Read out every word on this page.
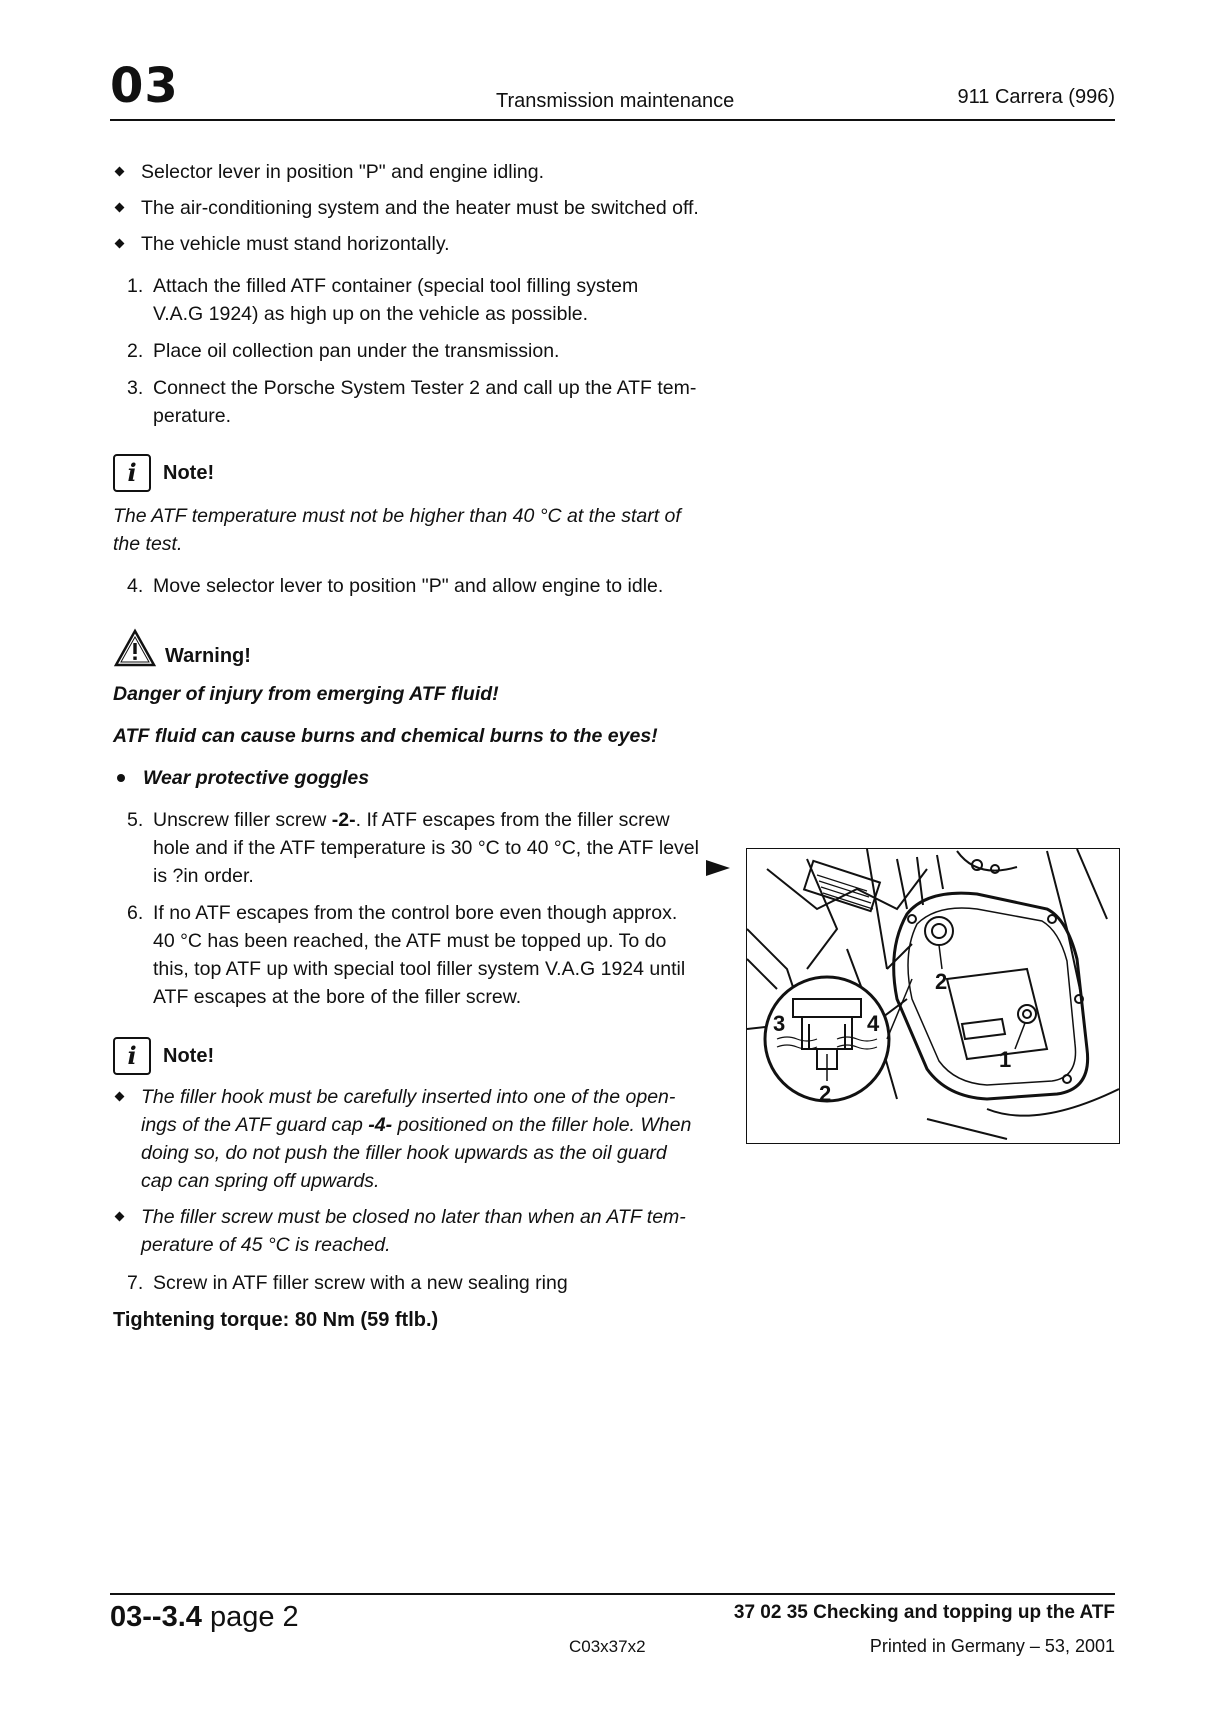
03	Transmission maintenance	911 Carrera (996)
Selector lever in position "P" and engine idling.
The air-conditioning system and the heater must be switched off.
The vehicle must stand horizontally.
1. Attach the filled ATF container (special tool filling system
V.A.G 1924) as high up on the vehicle as possible.
2. Place oil collection pan under the transmission.
3. Connect the Porsche System Tester 2 and call up the ATF tem-
perature.
i	Note!
The ATF temperature must not be higher than 40 °C at the start of
the test.
4. Move selector lever to position "P" and allow engine to idle.
Warning!
Danger of injury from emerging ATF fluid!
ATF fluid can cause burns and chemical burns to the eyes!
Wear protective goggles
5. Unscrew filler screw -2-. If ATF escapes from the filler screw
hole and if the ATF temperature is 30 °C to 40 °C, the ATF level
is ?in order.
6. If no ATF escapes from the control bore even though approx.
40 °C has been reached, the ATF must be topped up. To do
this, top ATF up with special tool filler system V.A.G 1924 until
ATF escapes at the bore of the filler screw.
i	Note!
The filler hook must be carefully inserted into one of the open-
ings of the ATF guard cap -4- positioned on the filler hole. When
doing so, do not push the filler hook upwards as the oil guard
cap can spring off upwards.
The filler screw must be closed no later than when an ATF tem-
perature of 45 °C is reached.
7. Screw in ATF filler screw with a new sealing ring
Tightening torque: 80 Nm (59 ftlb.)
2
1
3	4
2
03--3.4 page 2
C03x37x2
37 02 35 Checking and topping up the ATF
Printed in Germany – 53, 2001
